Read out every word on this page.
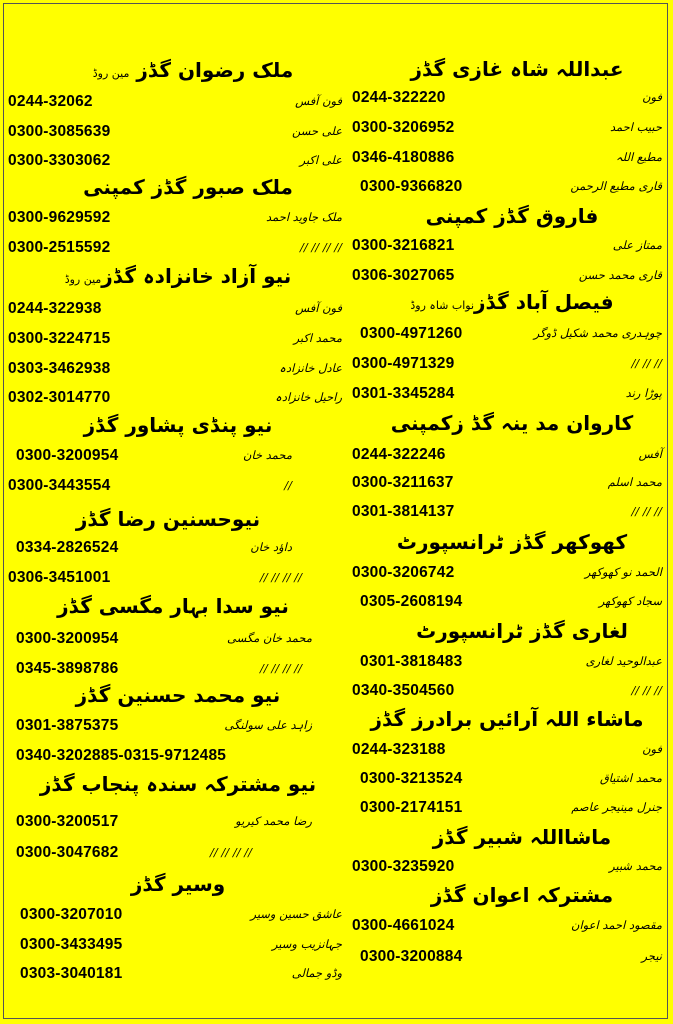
عبداللہ شاہ غازی گڈز
0244-322220	فون
0300-3206952	حبیب احمد
0346-4180886	مطیع اللہ
0300-9366820	قاری مطیع الرحمن
فاروق گڈز کمپنی
0300-3216821	ممتاز علی
0306-3027065	قاری محمد حسن
فیصل آباد گڈزنواب شاہ روڈ
0300-4971260	چوہدری محمد شکیل ڈوگر
0300-4971329	// // //
0301-3345284	پوڑا رند
کاروان مد ینہ گڈ زکمپنی
0244-322246	آفس
0300-3211637	محمد اسلم
0301-3814137	// // //
کھوکھر گڈز ٹرانسپورٹ
0300-3206742	الحمد نو کھوکھر
0305-2608194	سجاد کھوکھر
لغاری گڈز ٹرانسپورٹ
0301-3818483	عبدالوحید لغاری
0340-3504560	// // //
ماشاء اللہ آرائیں برادرز گڈز
0244-323188	فون
0300-3213524	محمد اشتیاق
0300-2174151	جنرل مینیجر عاصم
ماشااللہ شبیر گڈز
0300-3235920	محمد شبیر
مشترکہ اعوان گڈز
0300-4661024	مقصود احمد اعوان
0300-3200884	نیجر
ملک رضوان گڈز مین روڈ
0244-32062	فون آفس
0300-3085639	علی حسن
0300-3303062	علی اکبر
ملک صبور گڈز کمپنی
0300-9629592	ملک جاوید احمد
0300-2515592	// // // //
نیو آزاد خانزادہ گڈزمین روڈ
0244-322938	فون آفس
0300-3224715	محمد اکبر
0303-3462938	عادل خانزادہ
0302-3014770	راحیل خانزادہ
نیو پنڈی پشاور گڈز
0300-3200954	محمد خان
0300-3443554	//
نیوحسنین رضا گڈز
0334-2826524	داؤد خان
0306-3451001	// // // //
نیو سدا بہار مگسی گڈز
0300-3200954	محمد خان مگسی
0345-3898786	// // // //
نیو محمد حسنین گڈز
0301-3875375	زاہد علی سولنگی
0340-3202885-0315-9712485
نیو مشترکہ سندہ پنجاب گڈز
0300-3200517	رضا محمد کیریو
0300-3047682	// // // //
وسیر گڈز
0300-3207010	عاشق حسین وسیر
0300-3433495	جہانزیب وسیر
0303-3040181	وڈو جمالی
